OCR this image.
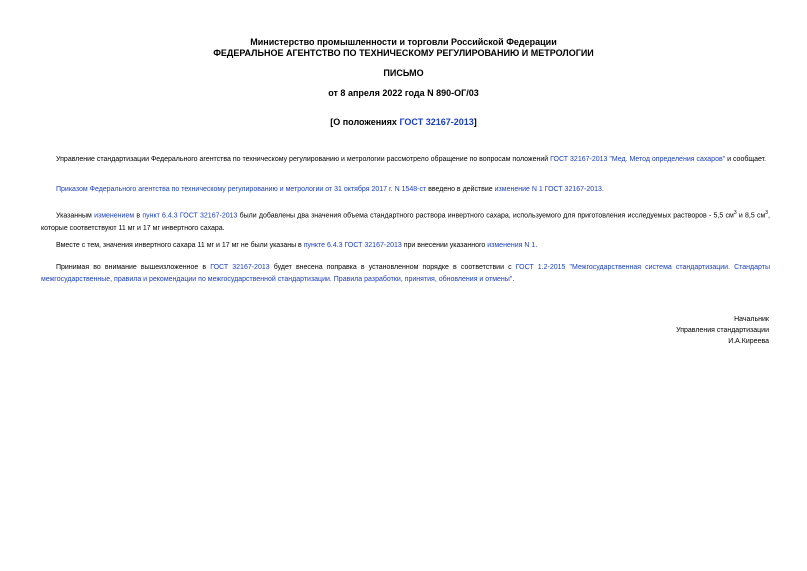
Министерство промышленности и торговли Российской Федерации
ФЕДЕРАЛЬНОЕ АГЕНТСТВО ПО ТЕХНИЧЕСКОМУ РЕГУЛИРОВАНИЮ И МЕТРОЛОГИИ
ПИСЬМО
от 8 апреля 2022 года N 890-ОГ/03
[О положениях ГОСТ 32167-2013]

Управление стандартизации Федерального агентства по техническому регулированию и метрологии рассмотрело обращение по вопросам положений ГОСТ 32167-2013 "Мед. Метод определения сахаров" и сообщает.

Приказом Федерального агентства по техническому регулированию и метрологии от 31 октября 2017 г. N 1548-ст введено в действие изменение N 1 ГОСТ 32167-2013.

Указанным изменением в пункт 6.4.3 ГОСТ 32167-2013 были добавлены два значения объема стандартного раствора инвертного сахара, используемого для приготовления исследуемых растворов - 5,5 $см^3$ и 8,5 $см^3$, которые соответствуют 11 мг и 17 мг инвертного сахара.

Вместе с тем, значения инвертного сахара 11 мг и 17 мг не были указаны в пункте 6.4.3 ГОСТ 32167-2013 при внесении указанного изменения N 1.

Принимая во внимание вышеизложенное в ГОСТ 32167-2013 будет внесена поправка в установленном порядке в соответствии с ГОСТ 1.2-2015 "Межгосударственная система стандартизации. Стандарты межгосударственные, правила и рекомендации по межгосударственной стандартизации. Правила разработки, принятия, обновления и отмены".

Начальник
Управления стандартизации
И.А.Киреева
